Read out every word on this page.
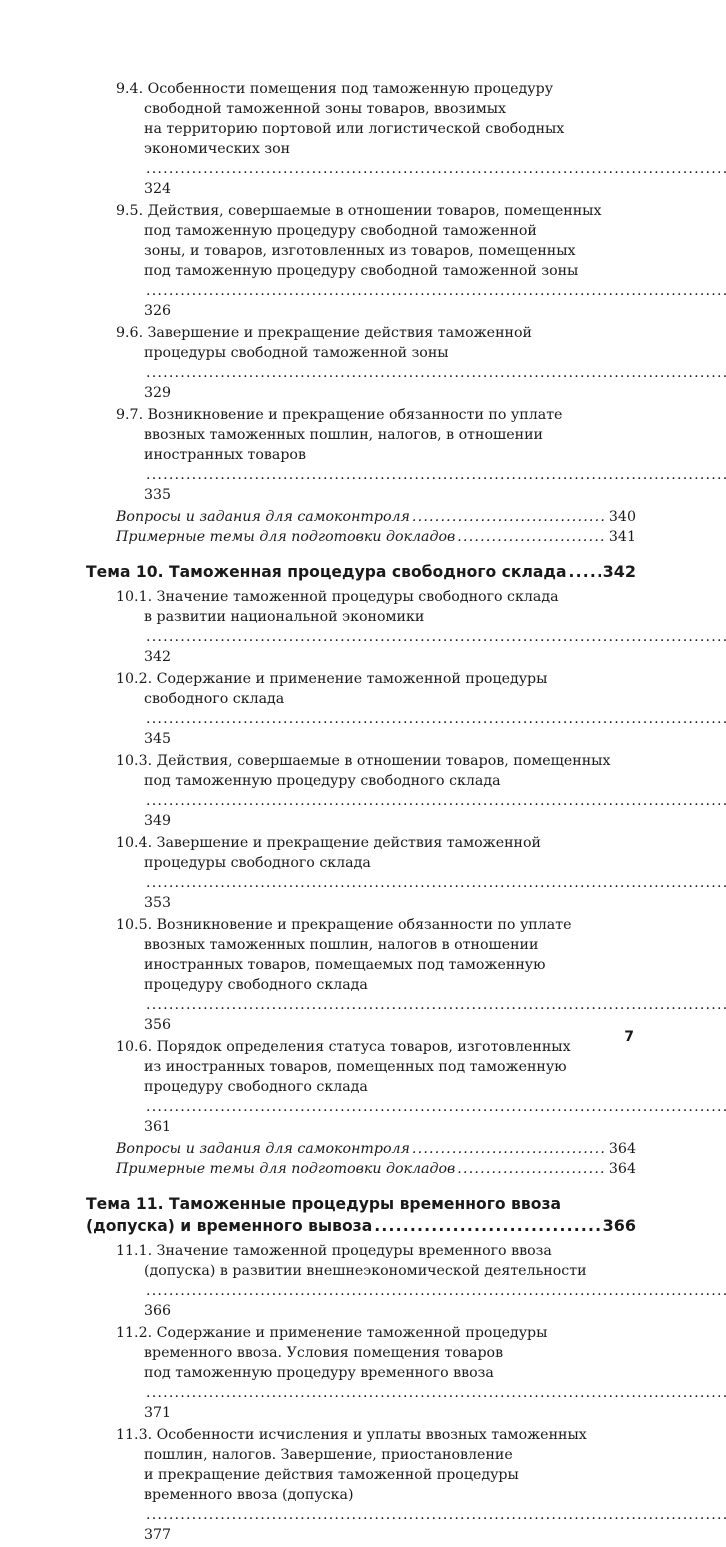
9.4. Особенности помещения под таможенную процедуру
свободной таможенной зоны товаров, ввозимых
на территорию портовой или логистической свободных
экономических зон ..... 324
9.5. Действия, совершаемые в отношении товаров, помещенных
под таможенную процедуру свободной таможенной
зоны, и товаров, изготовленных из товаров, помещенных
под таможенную процедуру свободной таможенной зоны ..... 326
9.6. Завершение и прекращение действия таможенной
процедуры свободной таможенной зоны ..... 329
9.7. Возникновение и прекращение обязанности по уплате
ввозных таможенных пошлин, налогов, в отношении
иностранных товаров ..... 335
Вопросы и задания для самоконтроля .....	340
Примерные темы для подготовки докладов .....	341
Тема 10. Таможенная процедура свободного склада ..... 342
10.1. Значение таможенной процедуры свободного склада
в развитии национальной экономики ..... 342
10.2. Содержание и применение таможенной процедуры
свободного склада ..... 345
10.3. Действия, совершаемые в отношении товаров, помещенных
под таможенную процедуру свободного склада ..... 349
10.4. Завершение и прекращение действия таможенной
процедуры свободного склада ..... 353
10.5. Возникновение и прекращение обязанности по уплате
ввозных таможенных пошлин, налогов в отношении
иностранных товаров, помещаемых под таможенную
процедуру свободного склада ..... 356
10.6. Порядок определения статуса товаров, изготовленных
из иностранных товаров, помещенных под таможенную
процедуру свободного склада ..... 361
Вопросы и задания для самоконтроля .....	364
Примерные темы для подготовки докладов .....	364
Тема 11. Таможенные процедуры временного ввоза
(допуска) и временного вывоза .....	366
11.1. Значение таможенной процедуры временного ввоза
(допуска) в развитии внешнеэкономической деятельности ..... 366
11.2. Содержание и применение таможенной процедуры
временного ввоза. Условия помещения товаров
под таможенную процедуру временного ввоза ..... 371
11.3. Особенности исчисления и уплаты ввозных таможенных
пошлин, налогов. Завершение, приостановление
и прекращение действия таможенной процедуры
временного ввоза (допуска) ..... 377
7
